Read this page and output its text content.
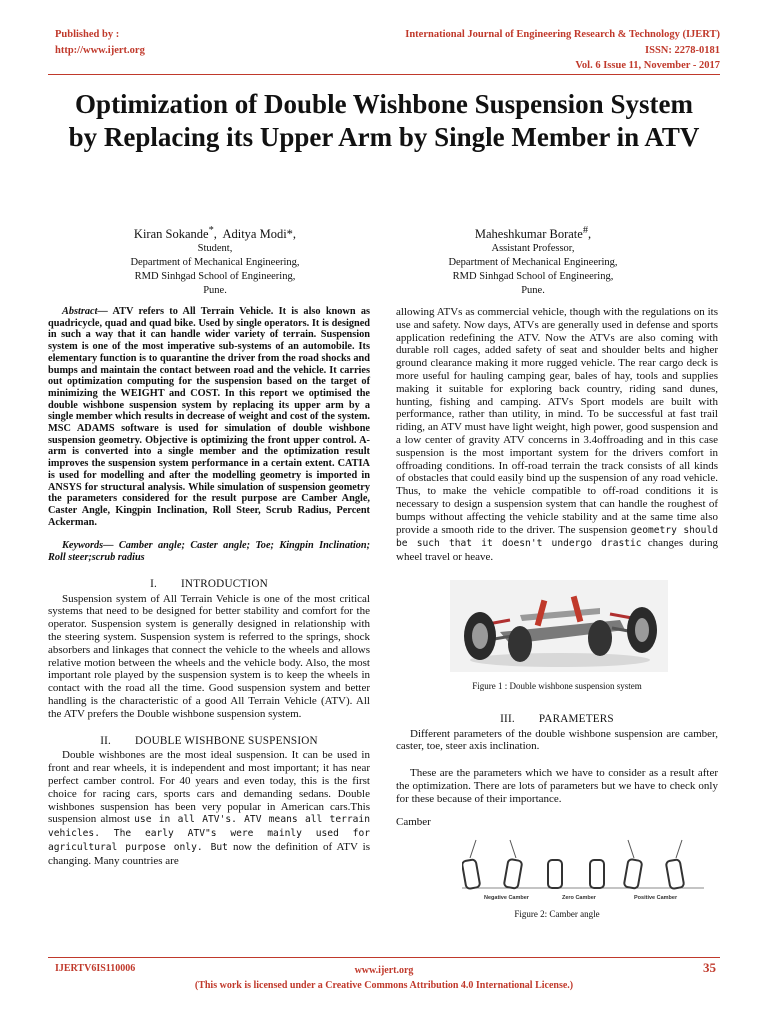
Published by :
http://www.ijert.org
International Journal of Engineering Research & Technology (IJERT)
ISSN: 2278-0181
Vol. 6 Issue 11, November - 2017
Optimization of Double Wishbone Suspension System by Replacing its Upper Arm by Single Member in ATV
Kiran Sokande*,  Aditya Modi*,
Student,
Department of Mechanical Engineering,
RMD Sinhgad School of Engineering,
Pune.
Maheshkumar Borate#,
Assistant Professor,
Department of Mechanical Engineering,
RMD Sinhgad School of Engineering,
Pune.

Abstract— ATV refers to All Terrain Vehicle. It is also known as quadricycle, quad and quad bike. Used by single operators. It is designed in such a way that it can handle wider variety of terrain. Suspension system is one of the most imperative sub-systems of an automobile. Its elementary function is to quarantine the driver from the road shocks and bumps and maintain the contact between road and the vehicle. It carries out optimization computing for the suspension based on the target of minimizing the WEIGHT and COST. In this report we optimised the double wishbone suspension system by replacing its upper arm by a single member which results in decrease of weight and cost of the system. MSC ADAMS software is used for simulation of double wishbone suspension geometry. Objective is optimizing the front upper control. A-arm is converted into a single member and the optimization result improves the suspension system performance in a certain extent. CATIA is used for modelling and after the modelling geometry is imported in ANSYS for structural analysis. While simulation of suspension geometry the parameters considered for the result purpose are Camber Angle, Caster Angle, Kingpin Inclination, Roll Steer, Scrub Radius, Percent Ackerman.

Keywords— Camber angle; Caster angle; Toe; Kingpin Inclination; Roll steer;scrub radius

I. INTRODUCTION

Suspension system of All Terrain Vehicle is one of the most critical systems that need to be designed for better stability and comfort for the operator. Suspension system is generally designed in relationship with the steering system. Suspension system is referred to the springs, shock absorbers and linkages that connect the vehicle to the wheels and allows relative motion between the wheels and the vehicle body. Also, the most important role played by the suspension system is to keep the wheels in contact with the road all the time. Good suspension system and better handling is the characteristic of a good All Terrain Vehicle (ATV). All the ATV prefers the Double wishbone suspension system.

II. DOUBLE WISHBONE SUSPENSION

Double wishbones are the most ideal suspension. It can be used in front and rear wheels, it is independent and most important; it has near perfect camber control. For 40 years and even today, this is the first choice for racing cars, sports cars and demanding sedans. Double wishbones suspension has been very popular in American cars.This suspension almost use in all ATV's. ATV means all terrain vehicles. The early ATV"s were mainly used for agricultural purpose only. But now the definition of ATV is changing. Many countries are

allowing ATVs as commercial vehicle, though with the regulations on its use and safety. Now days, ATVs are generally used in defense and sports application redefining the ATV. Now the ATVs are also coming with durable roll cages, added safety of seat and shoulder belts and higher ground clearance making it more rugged vehicle. The rear cargo deck is more useful for hauling camping gear, bales of hay, tools and supplies making it suitable for exploring back country, riding sand dunes, hunting, fishing and camping. ATVs Sport models are built with performance, rather than utility, in mind. To be successful at fast trail riding, an ATV must have light weight, high power, good suspension and a low center of gravity ATV concerns in 3.4offroading and in this case suspension is the most important system for the drivers comfort in offroading conditions. In off-road terrain the track consists of all kinds of obstacles that could easily bind up the suspension of any road vehicle. Thus, to make the vehicle compatible to off-road conditions it is necessary to design a suspension system that can handle the roughest of bumps without affecting the vehicle stability and at the same time also provide a smooth ride to the driver. The suspension geometry should be such that it doesn't undergo drastic changes during wheel travel or heave.

Figure 1 : Double wishbone suspension system
III. PARAMETERS

Different parameters of the double wishbone suspension are camber, caster, toe, steer axis inclination.

These are the parameters which we have to consider as a result after the optimization. There are lots of parameters but we have to check only for these because of their importance.

Camber
Negative Camber	Zero Camber	Positive Camber
Figure 2: Camber angle
IJERTV6IS110006	www.ijert.org
(This work is licensed under a Creative Commons Attribution 4.0 International License.)
35
